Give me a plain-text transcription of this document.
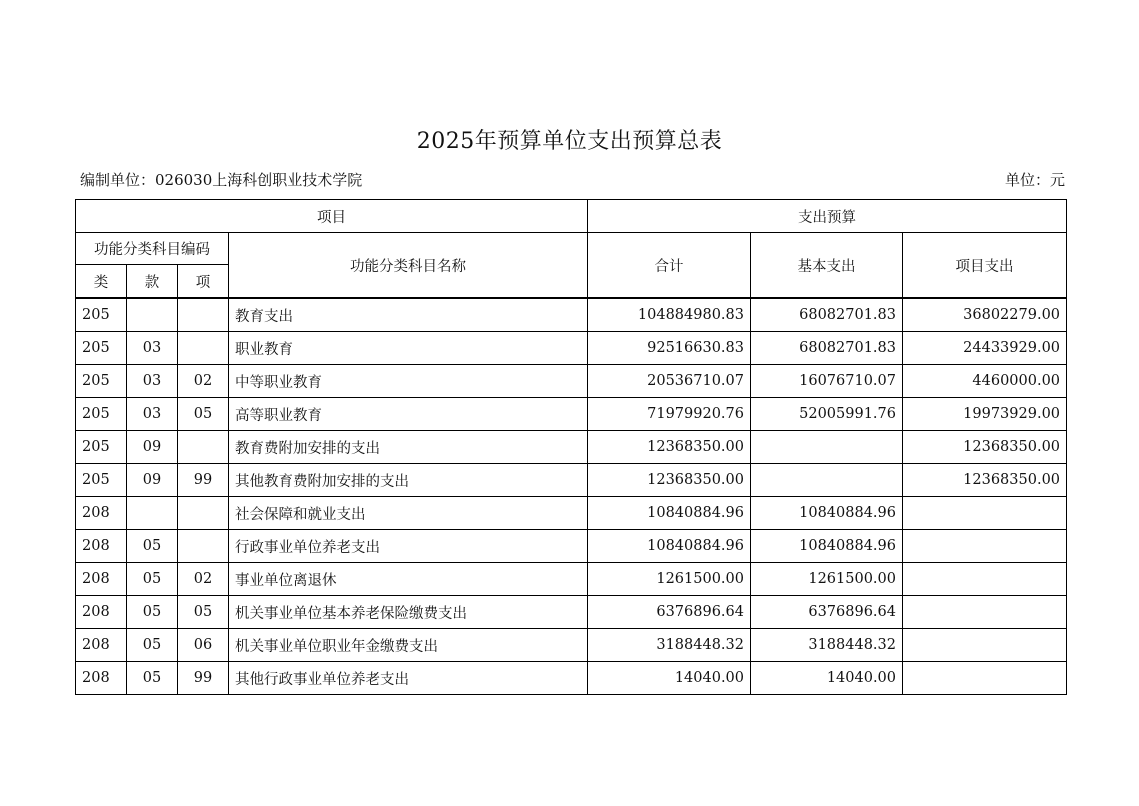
2025年预算单位支出预算总表
编制单位：026030上海科创职业技术学院	单位：元
项目				支出预算		
功能分类科目编码			功能分类科目名称	合计	基本支出	项目支出
类	款	项				
205			教育支出	104884980.83	68082701.83	36802279.00
205	03		职业教育	92516630.83	68082701.83	24433929.00
205	03	02	中等职业教育	20536710.07	16076710.07	4460000.00
205	03	05	高等职业教育	71979920.76	52005991.76	19973929.00
205	09		教育费附加安排的支出	12368350.00		12368350.00
205	09	99	其他教育费附加安排的支出	12368350.00		12368350.00
208			社会保障和就业支出	10840884.96	10840884.96	
208	05		行政事业单位养老支出	10840884.96	10840884.96	
208	05	02	事业单位离退休	1261500.00	1261500.00	
208	05	05	机关事业单位基本养老保险缴费支出	6376896.64	6376896.64	
208	05	06	机关事业单位职业年金缴费支出	3188448.32	3188448.32	
208	05	99	其他行政事业单位养老支出	14040.00	14040.00	
